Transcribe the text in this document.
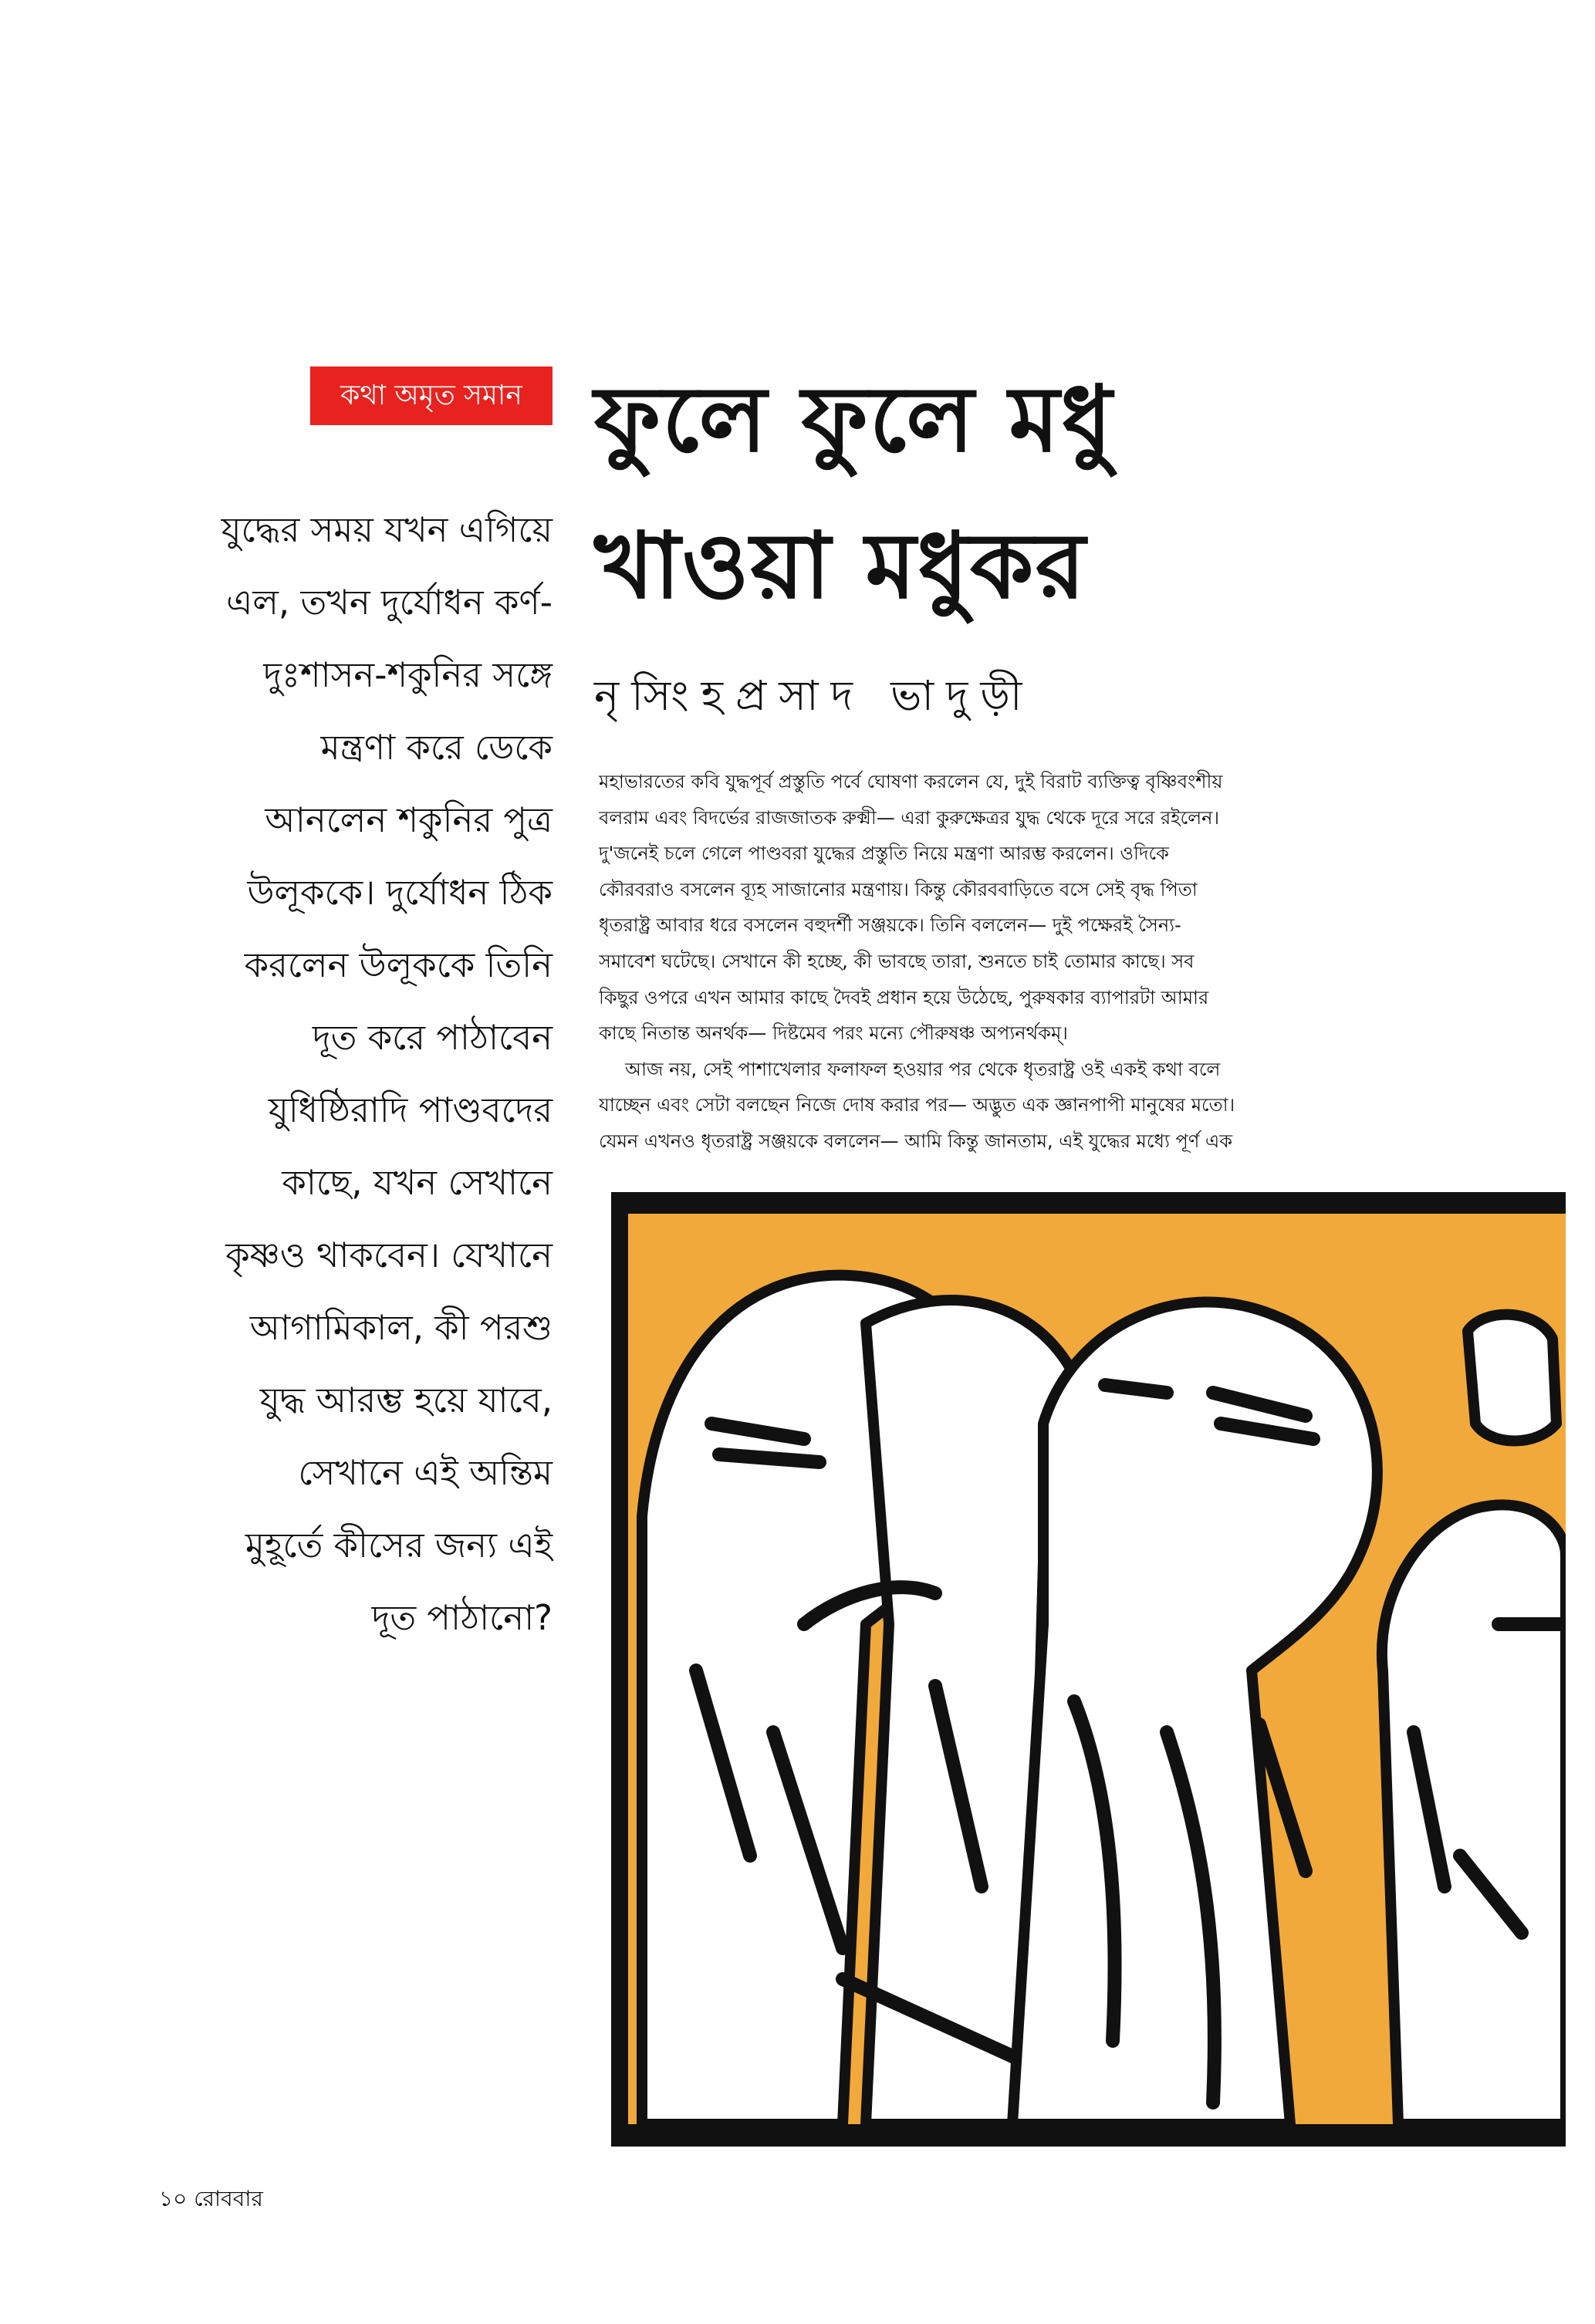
কথা অমৃত সমান ফুলে ফুলে মধু
খাওয়া মধুকর
নৃসিংহপ্রসাদ ভাদুড়ী

যুদ্ধের সময় যখন এগিয়ে
এল, তখন দুর্যোধন কর্ণ-
দুঃশাসন-শকুনির সঙ্গে
মন্ত্রণা করে ডেকে
আনলেন শকুনির পুত্র
উলূককে। দুর্যোধন ঠিক
করলেন উলূককে তিনি
দূত করে পাঠাবেন
যুধিষ্ঠিরাদি পাণ্ডবদের
কাছে, যখন সেখানে
কৃষ্ণও থাকবেন। যেখানে
আগামিকাল, কী পরশু
যুদ্ধ আরম্ভ হয়ে যাবে,
সেখানে এই অন্তিম
মুহূর্তে কীসের জন্য এই
দূত পাঠানো?

মহাভারতের কবি যুদ্ধপূর্ব প্রস্তুতি পর্বে ঘোষণা করলেন যে, দুই বিরাট ব্যক্তিত্ব বৃষ্ণিবংশীয়
বলরাম এবং বিদর্ভের রাজজাতক রুক্মী— এরা কুরুক্ষেত্রর যুদ্ধ থেকে দূরে সরে রইলেন।
দু'জনেই চলে গেলে পাণ্ডবরা যুদ্ধের প্রস্তুতি নিয়ে মন্ত্রণা আরম্ভ করলেন। ওদিকে
কৌরবরাও বসলেন ব্যূহ সাজানোর মন্ত্রণায়। কিন্তু কৌরববাড়িতে বসে সেই বৃদ্ধ পিতা
ধৃতরাষ্ট্র আবার ধরে বসলেন বহুদর্শী সঞ্জয়কে। তিনি বললেন— দুই পক্ষেরই সৈন্য-
সমাবেশ ঘটেছে। সেখানে কী হচ্ছে, কী ভাবছে তারা, শুনতে চাই তোমার কাছে। সব
কিছুর ওপরে এখন আমার কাছে দৈবই প্রধান হয়ে উঠেছে, পুরুষকার ব্যাপারটা আমার
কাছে নিতান্ত অনর্থক— দিষ্টমেব পরং মন্যে পৌরুষঞ্চ অপ্যনর্থকম্।
আজ নয়, সেই পাশাখেলার ফলাফল হওয়ার পর থেকে ধৃতরাষ্ট্র ওই একই কথা বলে
যাচ্ছেন এবং সেটা বলছেন নিজে দোষ করার পর— অদ্ভুত এক জ্ঞানপাপী মানুষের মতো।
যেমন এখনও ধৃতরাষ্ট্র সঞ্জয়কে বললেন— আমি কিন্তু জানতাম, এই যুদ্ধের মধ্যে পূর্ণ এক

১০ রোববার
